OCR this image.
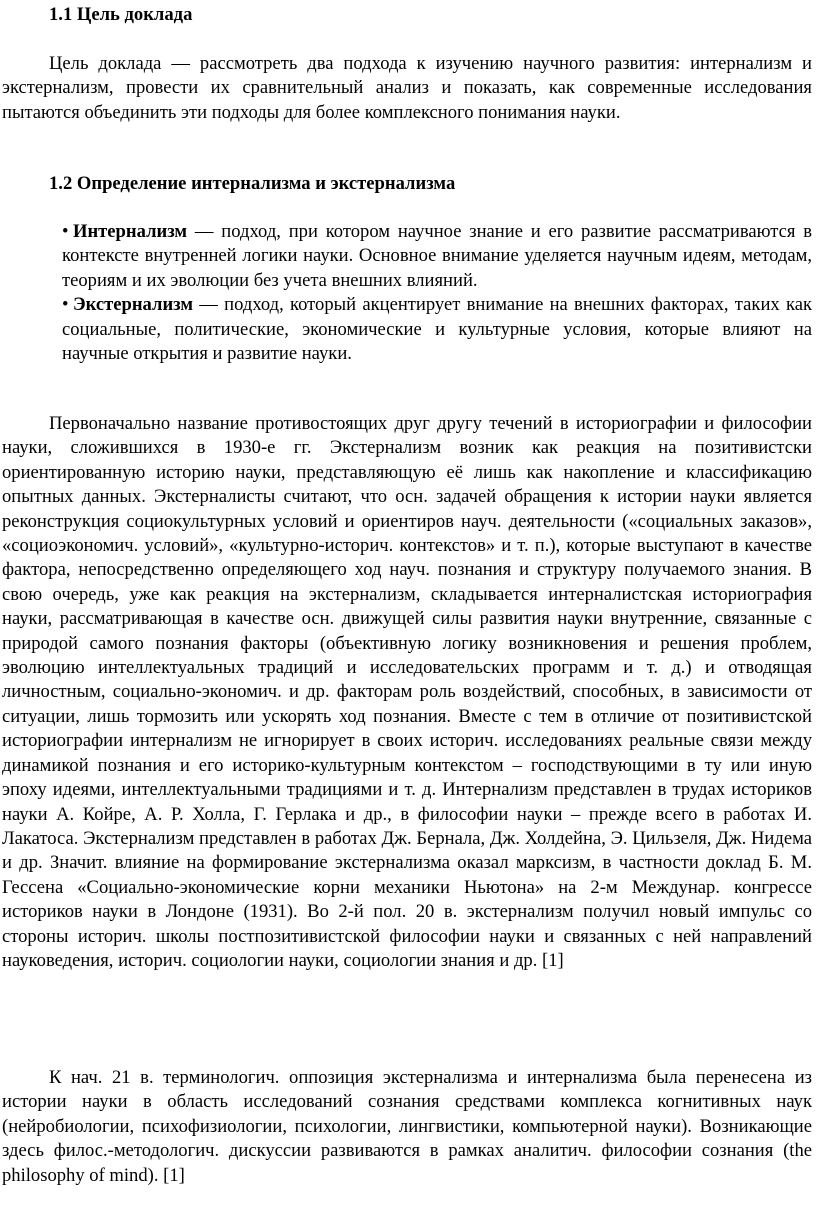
1.1 Цель доклада

Цель доклада — рассмотреть два подхода к изучению научного развития: интернализм и экстернализм, провести их сравнительный анализ и показать, как современные исследования пытаются объединить эти подходы для более комплексного понимания науки.

1.2 Определение интернализма и экстернализма
• Интернализм — подход, при котором научное знание и его развитие рассматриваются в контексте внутренней логики науки. Основное внимание уделяется научным идеям, методам, теориям и их эволюции без учета внешних влияний.
• Экстернализм — подход, который акцентирует внимание на внешних факторах, таких как социальные, политические, экономические и культурные условия, которые влияют на научные открытия и развитие науки.

Первоначально название противостоящих друг другу течений в историографии и философии науки, сложившихся в 1930-е гг. Экстернализм возник как реакция на позитивистски ориентированную историю науки, представляющую её лишь как накопление и классификацию опытных данных. Экстерналисты считают, что осн. задачей обращения к истории науки является реконструкция социокультурных условий и ориентиров науч. деятельности («социальных заказов», «социоэкономич. условий», «культурно-историч. контекстов» и т. п.), которые выступают в качестве фактора, непосредственно определяющего ход науч. познания и структуру получаемого знания. В свою очередь, уже как реакция на экстернализм, складывается интерналистская историография науки, рассматривающая в качестве осн. движущей силы развития науки внутренние, связанные с природой самого познания факторы (объективную логику возникновения и решения проблем, эволюцию интеллектуальных традиций и исследовательских программ и т. д.) и отводящая личностным, социально-экономич. и др. факторам роль воздействий, способных, в зависимости от ситуации, лишь тормозить или ускорять ход познания. Вместе с тем в отличие от позитивистской историографии интернализм не игнорирует в своих историч. исследованиях реальные связи между динамикой познания и его историко-культурным контекстом – господствующими в ту или иную эпоху идеями, интеллектуальными традициями и т. д. Интернализм представлен в трудах историков науки А. Койре, А. Р. Холла, Г. Герлака и др., в философии науки – прежде всего в работах И. Лакатоса. Экстернализм представлен в работах Дж. Бернала, Дж. Холдейна, Э. Цильзеля, Дж. Нидема и др. Значит. влияние на формирование экстернализма оказал марксизм, в частности доклад Б. М. Гессена «Социально-экономические корни механики Ньютона» на 2-м Междунар. конгрессе историков науки в Лондоне (1931). Во 2-й пол. 20 в. экстернализм получил новый импульс со стороны историч. школы постпозитивистской философии науки и связанных с ней направлений науковедения, историч. социологии науки, социологии знания и др. [1]

К нач. 21 в. терминологич. оппозиция экстернализма и интернализма была перенесена из истории науки в область исследований сознания средствами комплекса когнитивных наук (нейробиологии, психофизиологии, психологии, лингвистики, компьютерной науки). Возникающие здесь филос.-методологич. дискуссии развиваются в рамках аналитич. философии сознания (the philosophy of mind). [1]
